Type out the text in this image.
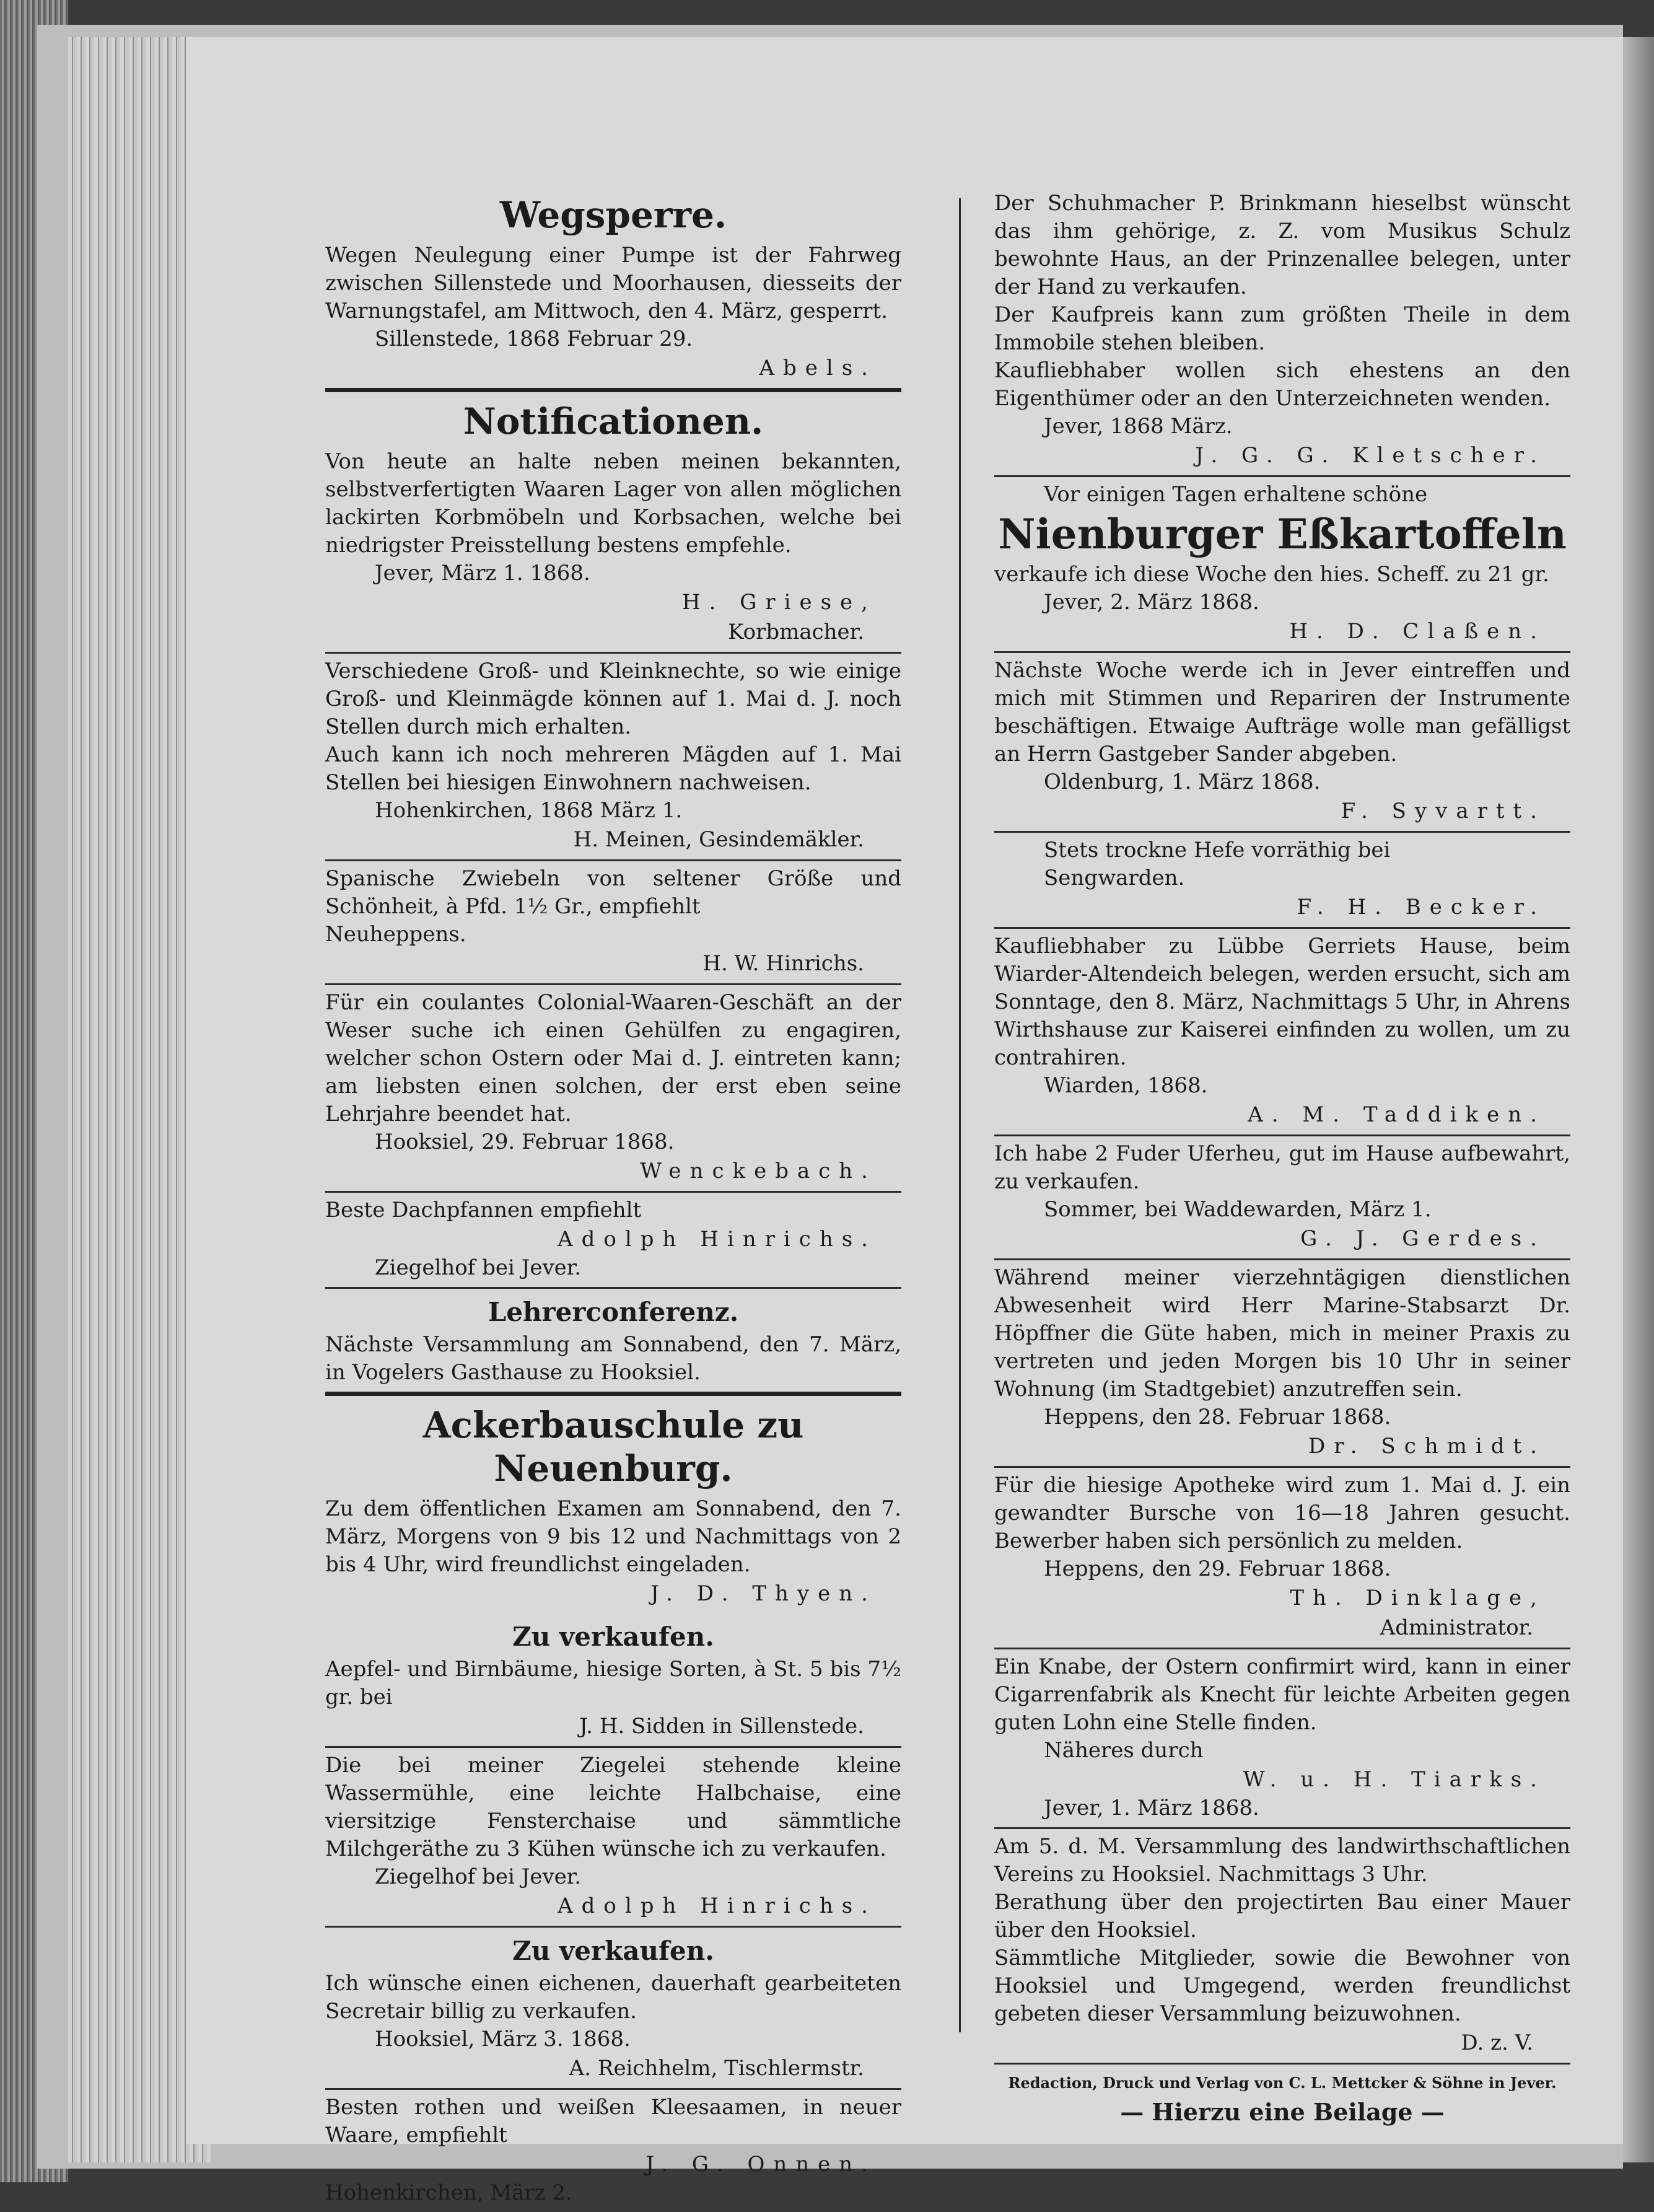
Wegsperre.

Wegen Neulegung einer Pumpe ist der Fahrweg zwischen Sillenstede und Moorhausen, diesseits der Warnungstafel, am Mittwoch, den 4. März, gesperrt.

Sillenstede, 1868 Februar 29.

Abels.

Notificationen.

Von heute an halte neben meinen bekannten, selbstverfertigten Waaren Lager von allen möglichen lackirten Korbmöbeln und Korbsachen, welche bei niedrigster Preisstellung bestens empfehle.

Jever, März 1. 1868.

H. Griese,

Korbmacher.

Verschiedene Groß- und Kleinknechte, so wie einige Groß- und Kleinmägde können auf 1. Mai d. J. noch Stellen durch mich erhalten.

Auch kann ich noch mehreren Mägden auf 1. Mai Stellen bei hiesigen Einwohnern nachweisen.

Hohenkirchen, 1868 März 1.

H. Meinen, Gesindemäkler.

Spanische Zwiebeln von seltener Größe und Schönheit, à Pfd. 1½ Gr., empfiehlt

Neuheppens.

H. W. Hinrichs.

Für ein coulantes Colonial-Waaren-Geschäft an der Weser suche ich einen Gehülfen zu engagiren, welcher schon Ostern oder Mai d. J. eintreten kann; am liebsten einen solchen, der erst eben seine Lehrjahre beendet hat.

Hooksiel, 29. Februar 1868.

Wenckebach.

Beste Dachpfannen empfiehlt

Adolph Hinrichs.

Ziegelhof bei Jever.

Lehrerconferenz.

Nächste Versammlung am Sonnabend, den 7. März, in Vogelers Gasthause zu Hooksiel.

Ackerbauschule zu Neuenburg.

Zu dem öffentlichen Examen am Sonnabend, den 7. März, Morgens von 9 bis 12 und Nachmittags von 2 bis 4 Uhr, wird freundlichst eingeladen.

J. D. Thyen.

Zu verkaufen.

Aepfel- und Birnbäume, hiesige Sorten, à St. 5 bis 7½ gr. bei

J. H. Sidden in Sillenstede.

Die bei meiner Ziegelei stehende kleine Wassermühle, eine leichte Halbchaise, eine viersitzige Fensterchaise und sämmtliche Milchgeräthe zu 3 Kühen wünsche ich zu verkaufen.

Ziegelhof bei Jever.

Adolph Hinrichs.

Zu verkaufen.

Ich wünsche einen eichenen, dauerhaft gearbeiteten Secretair billig zu verkaufen.

Hooksiel, März 3. 1868.

A. Reichhelm, Tischlermstr.

Besten rothen und weißen Kleesaamen, in neuer Waare, empfiehlt

J. G. Onnen.

Hohenkirchen, März 2.

Der Schuhmacher P. Brinkmann hieselbst wünscht das ihm gehörige, z. Z. vom Musikus Schulz bewohnte Haus, an der Prinzenallee belegen, unter der Hand zu verkaufen.

Der Kaufpreis kann zum größten Theile in dem Immobile stehen bleiben.

Kaufliebhaber wollen sich ehestens an den Eigenthümer oder an den Unterzeichneten wenden.

Jever, 1868 März.

J. G. G. Kletscher.

Vor einigen Tagen erhaltene schöne

Nienburger Eßkartoffeln

verkaufe ich diese Woche den hies. Scheff. zu 21 gr.

Jever, 2. März 1868.

H. D. Claßen.

Nächste Woche werde ich in Jever eintreffen und mich mit Stimmen und Repariren der Instrumente beschäftigen. Etwaige Aufträge wolle man gefälligst an Herrn Gastgeber Sander abgeben.

Oldenburg, 1. März 1868.

F. Syvartt.

Stets trockne Hefe vorräthig bei

Sengwarden.

F. H. Becker.

Kaufliebhaber zu Lübbe Gerriets Hause, beim Wiarder-Altendeich belegen, werden ersucht, sich am Sonntage, den 8. März, Nachmittags 5 Uhr, in Ahrens Wirthshause zur Kaiserei einfinden zu wollen, um zu contrahiren.

Wiarden, 1868.

A. M. Taddiken.

Ich habe 2 Fuder Uferheu, gut im Hause aufbewahrt, zu verkaufen.

Sommer, bei Waddewarden, März 1.

G. J. Gerdes.

Während meiner vierzehntägigen dienstlichen Abwesenheit wird Herr Marine-Stabsarzt Dr. Höpffner die Güte haben, mich in meiner Praxis zu vertreten und jeden Morgen bis 10 Uhr in seiner Wohnung (im Stadtgebiet) anzutreffen sein.

Heppens, den 28. Februar 1868.

Dr. Schmidt.

Für die hiesige Apotheke wird zum 1. Mai d. J. ein gewandter Bursche von 16—18 Jahren gesucht. Bewerber haben sich persönlich zu melden.

Heppens, den 29. Februar 1868.

Th. Dinklage,

Administrator.

Ein Knabe, der Ostern confirmirt wird, kann in einer Cigarrenfabrik als Knecht für leichte Arbeiten gegen guten Lohn eine Stelle finden.

Näheres durch

W. u. H. Tiarks.

Jever, 1. März 1868.

Am 5. d. M. Versammlung des landwirthschaftlichen Vereins zu Hooksiel. Nachmittags 3 Uhr.

Berathung über den projectirten Bau einer Mauer über den Hooksiel.

Sämmtliche Mitglieder, sowie die Bewohner von Hooksiel und Umgegend, werden freundlichst gebeten dieser Versammlung beizuwohnen.

D. z. V.

Redaction, Druck und Verlag von C. L. Mettcker & Söhne in Jever.

— Hierzu eine Beilage —
